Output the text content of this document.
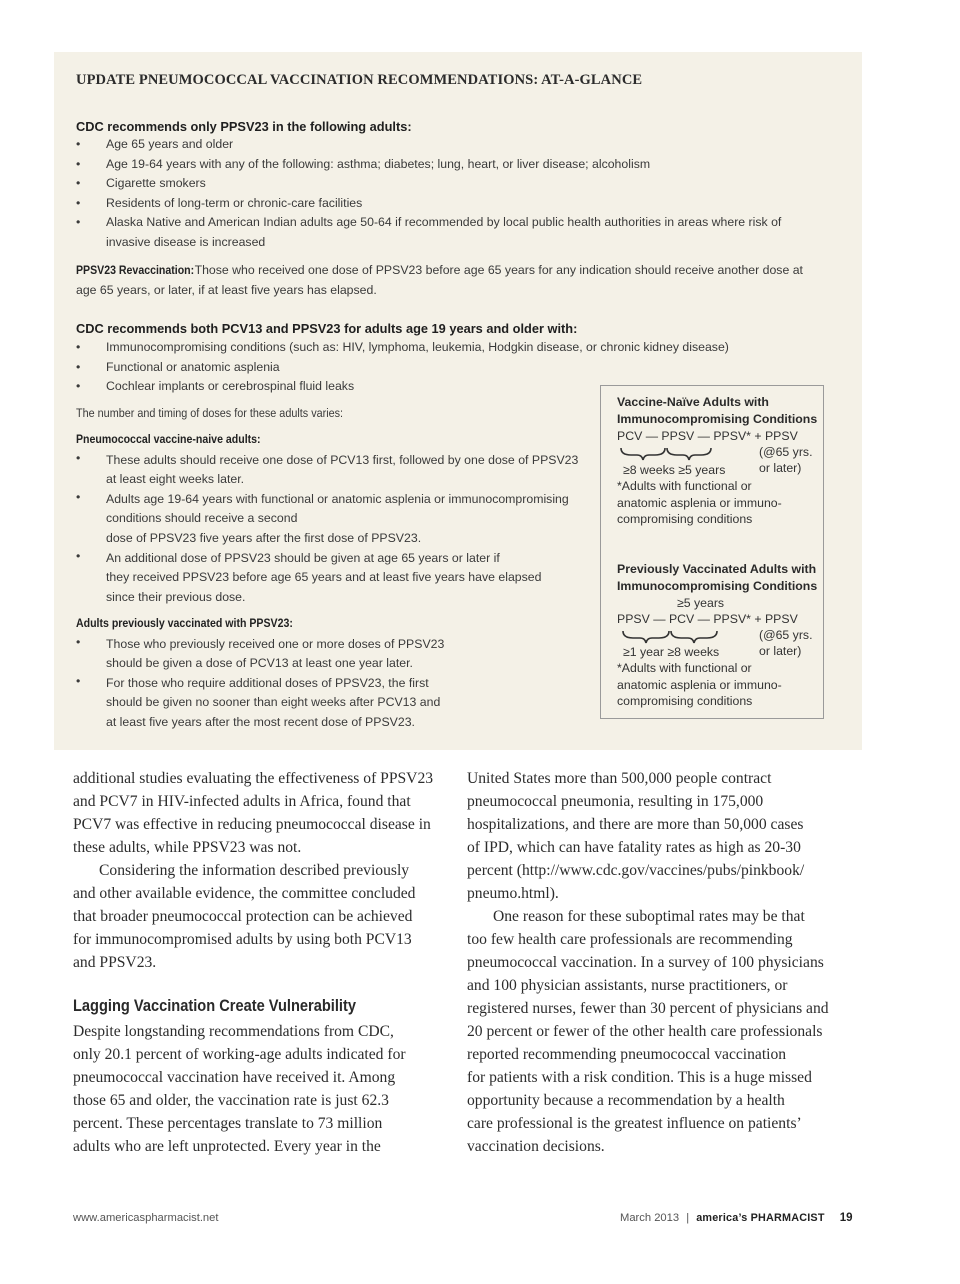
UPDATE PNEUMOCOCCAL VACCINATION RECOMMENDATIONS: AT-A-GLANCE
CDC recommends only PPSV23 in the following adults:
• Age 65 years and older
• Age 19-64 years with any of the following: asthma; diabetes; lung, heart, or liver disease; alcoholism
• Cigarette smokers
• Residents of long-term or chronic-care facilities
• Alaska Native and American Indian adults age 50-64 if recommended by local public health authorities in areas where risk of
invasive disease is increased
PPSV23 Revaccination: Those who received one dose of PPSV23 before age 65 years for any indication should receive another dose at
age 65 years, or later, if at least five years has elapsed.
CDC recommends both PCV13 and PPSV23 for adults age 19 years and older with:
• Immunocompromising conditions (such as: HIV, lymphoma, leukemia, Hodgkin disease, or chronic kidney disease)
• Functional or anatomic asplenia
• Cochlear implants or cerebrospinal fluid leaks
The number and timing of doses for these adults varies:
Pneumococcal vaccine-naive adults:
• These adults should receive one dose of PCV13 first, followed by one dose of PPSV23
at least eight weeks later.
• Adults age 19-64 years with functional or anatomic asplenia or immunocompromising
conditions should receive a second
dose of PPSV23 five years after the first dose of PPSV23.
• An additional dose of PPSV23 should be given at age 65 years or later if
they received PPSV23 before age 65 years and at least five years have elapsed
since their previous dose.
Adults previously vaccinated with PPSV23:
• Those who previously received one or more doses of PPSV23
should be given a dose of PCV13 at least one year later.
• For those who require additional doses of PPSV23, the first
should be given no sooner than eight weeks after PCV13 and
at least five years after the most recent dose of PPSV23.
Vaccine-Naïve Adults with
Immunocompromising Conditions
PCV — PPSV — PPSV* + PPSV
(@65 yrs.
or later)
≥8 weeks ≥5 years
*Adults with functional or
anatomic asplenia or immuno-
compromising conditions
Previously Vaccinated Adults with
Immunocompromising Conditions
≥5 years
PPSV — PCV — PPSV* + PPSV
(@65 yrs.
or later)
≥1 year ≥8 weeks
*Adults with functional or
anatomic asplenia or immuno-
compromising conditions

additional studies evaluating the effectiveness of PPSV23

and PCV7 in HIV-infected adults in Africa, found that

PCV7 was effective in reducing pneumococcal disease in

these adults, while PPSV23 was not.

Considering the information described previously

and other available evidence, the committee concluded

that broader pneumococcal protection can be achieved

for immunocompromised adults by using both PCV13

and PPSV23.

Lagging Vaccination Create Vulnerability

Despite longstanding recommendations from CDC,

only 20.1 percent of working-age adults indicated for

pneumococcal vaccination have received it. Among

those 65 and older, the vaccination rate is just 62.3

percent. These percentages translate to 73 million

adults who are left unprotected. Every year in the

United States more than 500,000 people contract

pneumococcal pneumonia, resulting in 175,000

hospitalizations, and there are more than 50,000 cases

of IPD, which can have fatality rates as high as 20-30

percent (http://www.cdc.gov/vaccines/pubs/pinkbook/

pneumo.html).

One reason for these suboptimal rates may be that

too few health care professionals are recommending

pneumococcal vaccination. In a survey of 100 physicians

and 100 physician assistants, nurse practitioners, or

registered nurses, fewer than 30 percent of physicians and

20 percent or fewer of the other health care professionals

reported recommending pneumococcal vaccination

for patients with a risk condition. This is a huge missed

opportunity because a recommendation by a health

care professional is the greatest influence on patients’

vaccination decisions.

www.americaspharmacist.net	March 2013 | america’s PHARMACIST 19
